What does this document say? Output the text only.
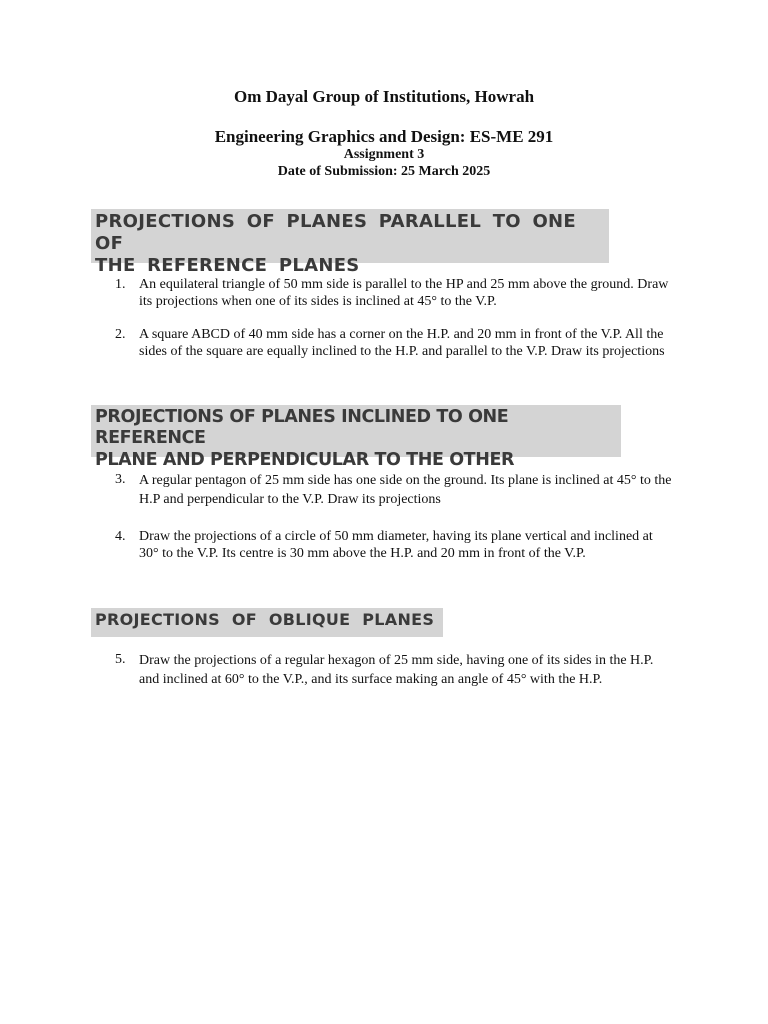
Om Dayal Group of Institutions, Howrah
Engineering Graphics and Design: ES-ME 291
Assignment 3
Date of Submission: 25 March 2025
PROJECTIONS OF PLANES PARALLEL TO ONE OF
THE REFERENCE PLANES
1. An equilateral triangle of 50 mm side is parallel to the HP and 25 mm above the ground. Draw its projections when one of its sides is inclined at 45° to the V.P.
2. A square ABCD of 40 mm side has a corner on the H.P. and 20 mm in front of the V.P. All the sides of the square are equally inclined to the H.P. and parallel to the V.P. Draw its projections
PROJECTIONS OF PLANES INCLINED TO ONE REFERENCE
PLANE AND PERPENDICULAR TO THE OTHER
3. A regular pentagon of 25 mm side has one side on the ground. Its plane is inclined at 45° to the H.P and perpendicular to the V.P. Draw its projections
4. Draw the projections of a circle of 50 mm diameter, having its plane vertical and inclined at 30° to the V.P. Its centre is 30 mm above the H.P. and 20 mm in front of the V.P.
PROJECTIONS OF OBLIQUE PLANES
5. Draw the projections of a regular hexagon of 25 mm side, having one of its sides in the H.P. and inclined at 60° to the V.P., and its surface making an angle of 45° with the H.P.
